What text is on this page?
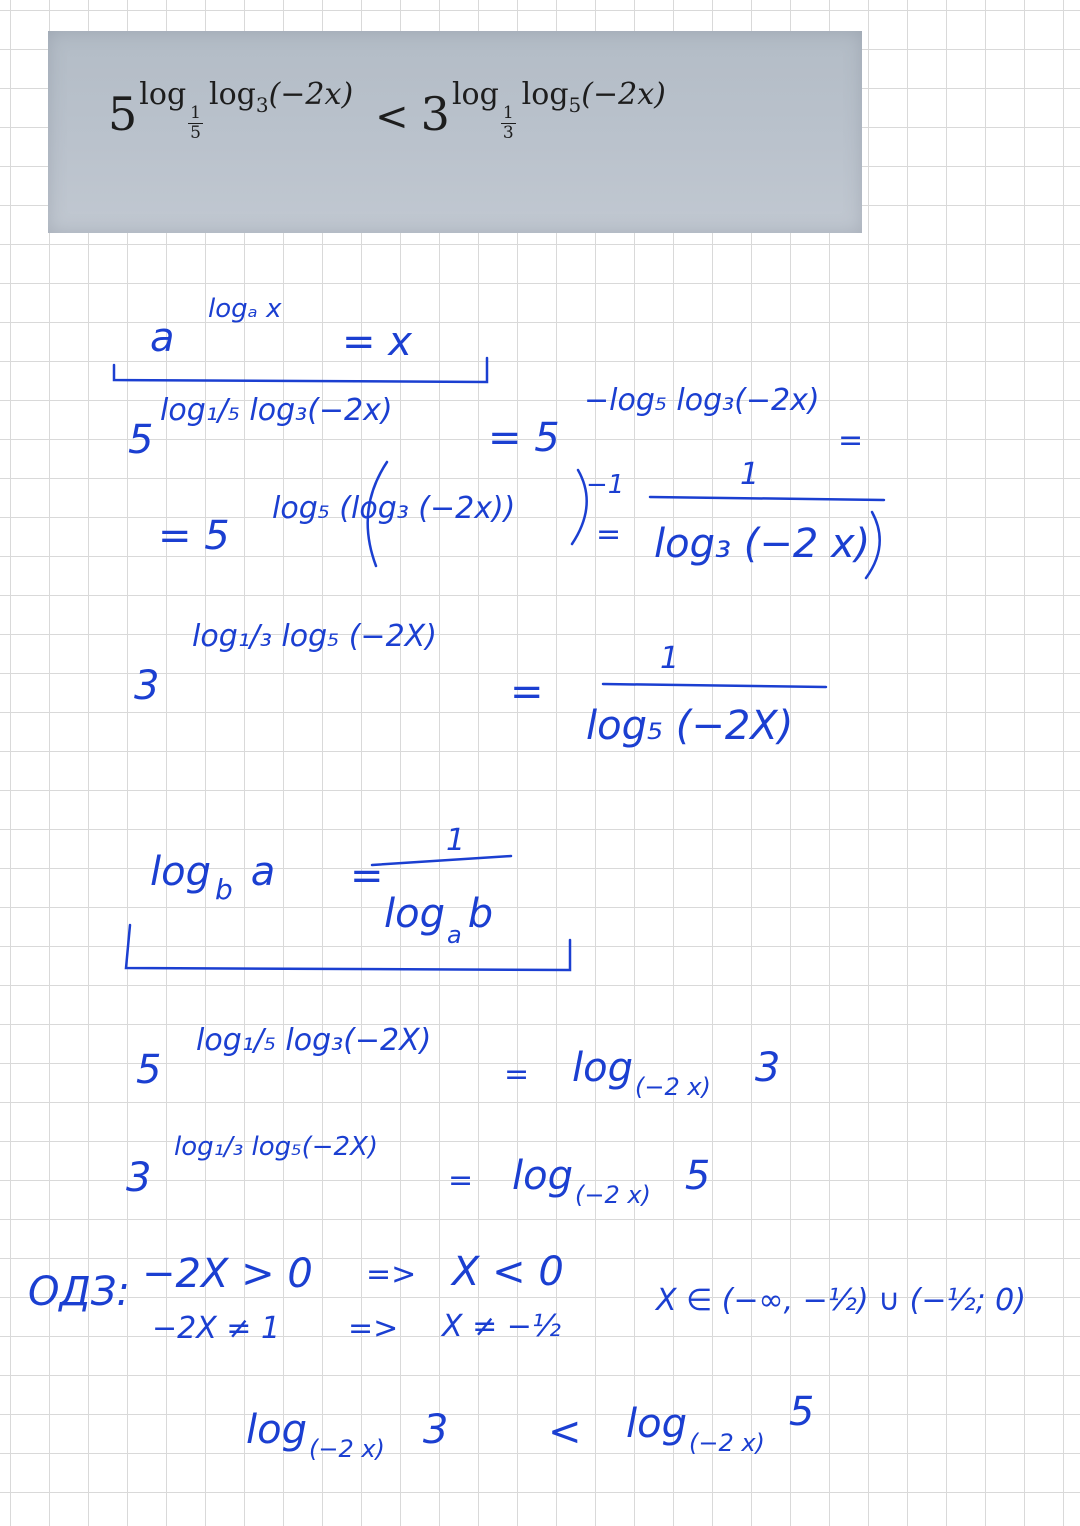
$5^{log \frac{1}{5} log_3(-2x)} < 3^{log \frac{1}{3} log_5(-2x)}$
a
logₐ x
= x
5
log₁/₅ log₃(−2x)
= 5
−log₅ log₃(−2x)
=
= 5
log₅ (log₃ (−2x))
−1
=
1
log₃ (−2 x)
3
log₁/₃ log₅ (−2X)
=
1
log₅ (−2X)
log $_b$ a =
1
$\log_a b$
5
log₁/₅ log₃(−2X)
= $\log_{(-2 x)} 3$
3
log₁/₃ log₅(−2X)
= $\log_{(-2 x)} 5$
ОДЗ: −2X > 0 => X < 0
−2X ≠ 1 => X ≠ −½
X ∈ (−∞, −½) ∪ (−½; 0)
$\log_{(-2 x)} 3 < \log_{(-2 x)}5$
